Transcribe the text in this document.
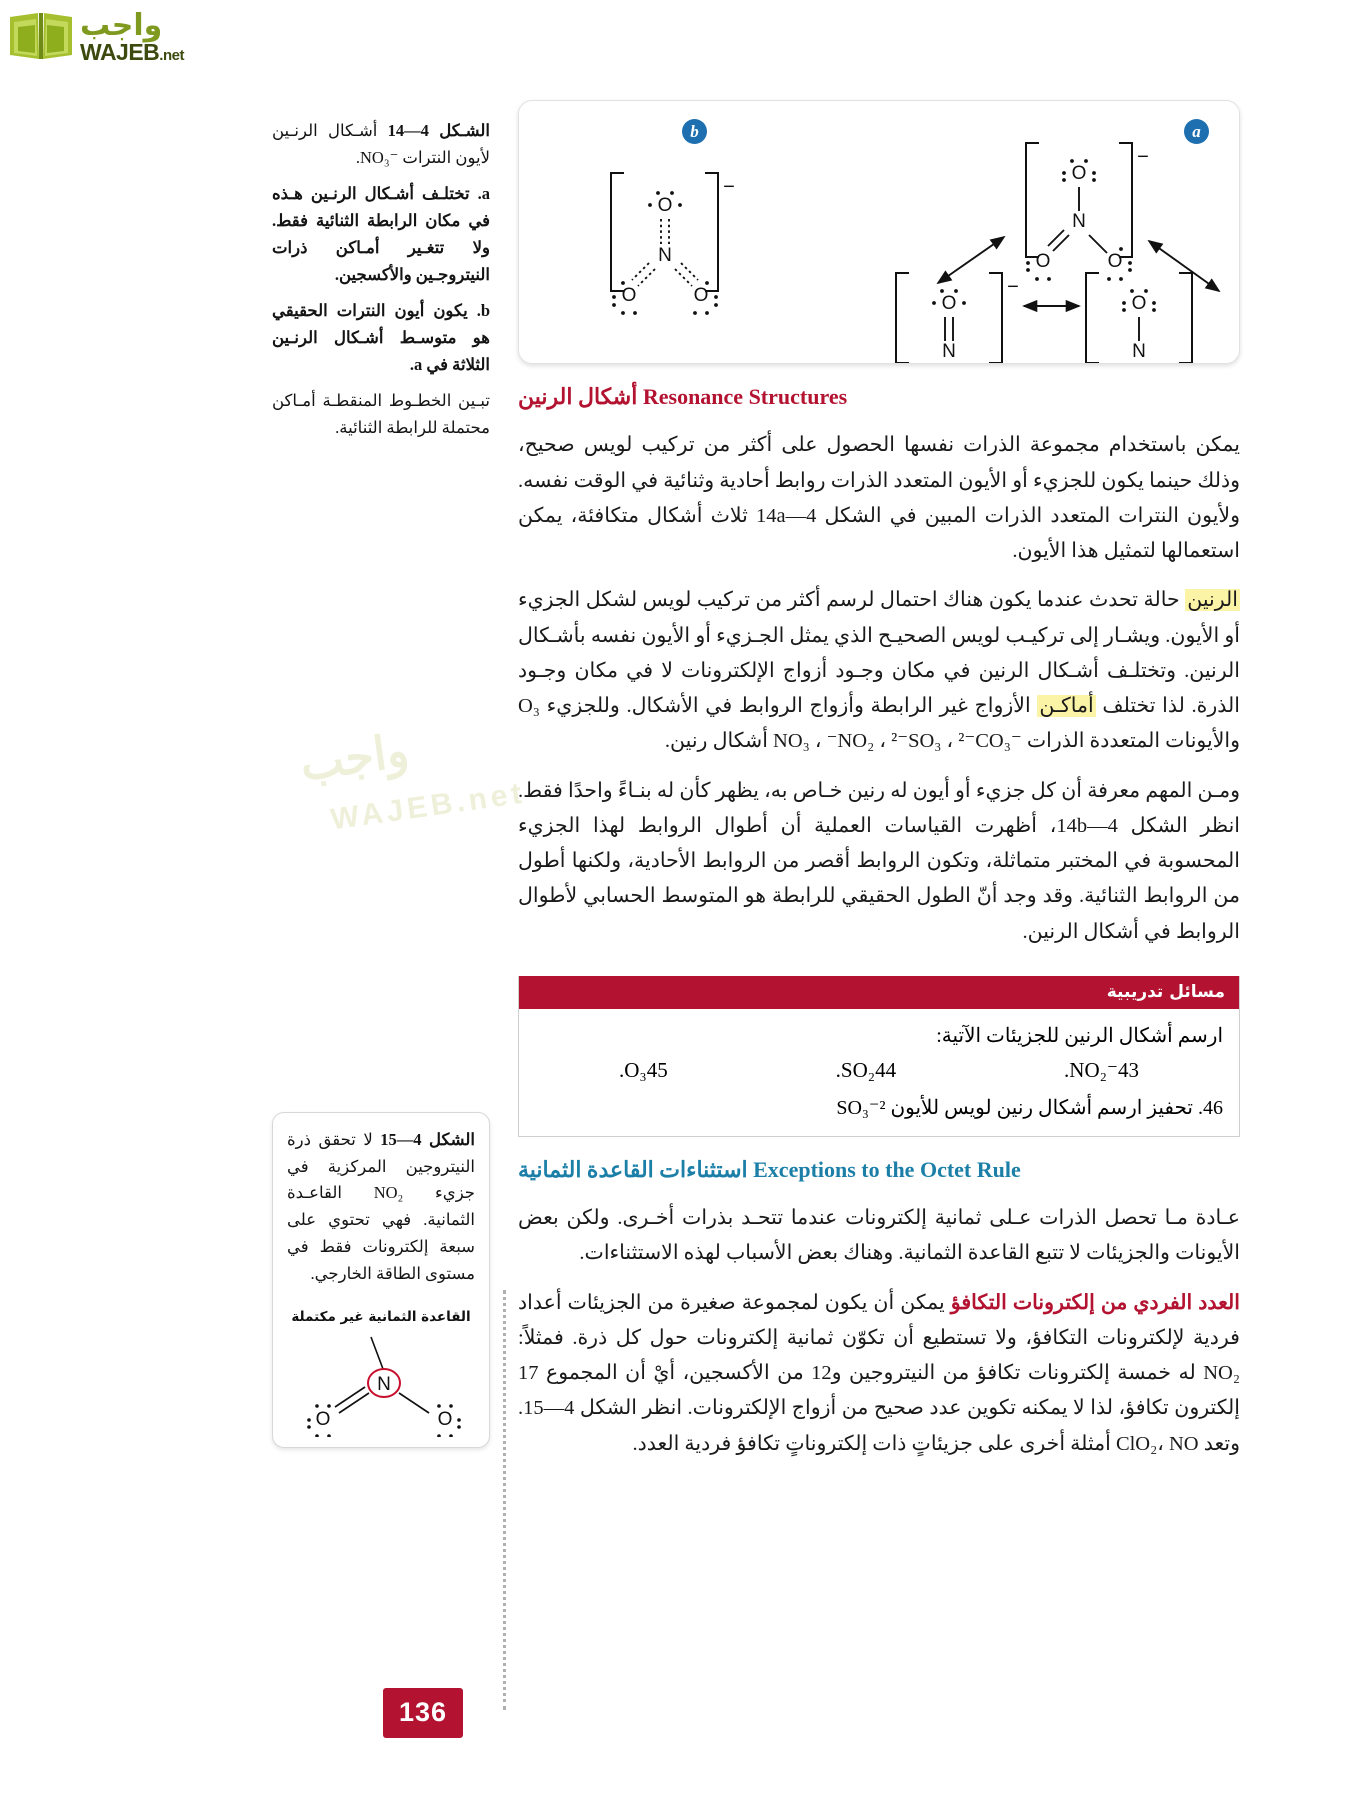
واجب
WAJEB.net
واجب
WAJEB.net
a
b
−
O
N
O	O
−
O
N
O	O
−
O
N
O
N
أشكال الرنين Resonance Structures

يمكن باستخدام مجموعة الذرات نفسها الحصول على أكثر من تركيب لويس صحيح، وذلك حينما يكون للجزيء أو الأيون المتعدد الذرات روابط أحادية وثنائية في الوقت نفسه. ولأيون النترات المتعدد الذرات المبين في الشكل 4—14a ثلاث أشكال متكافئة، يمكن استعمالها لتمثيل هذا الأيون.

الرنين حالة تحدث عندما يكون هناك احتمال لرسم أكثر من تركيب لويس لشكل الجزيء أو الأيون. ويشـار إلى تركيـب لويس الصحيـح الذي يمثل الجـزيء أو الأيون نفسه بأشـكال الرنين. وتختلـف أشـكال الرنين في مكان وجـود أزواج الإلكترونات لا في مكان وجـود الذرة. لذا تختلف أماكـن الأزواج غير الرابطة وأزواج الروابط في الأشكال. وللجزيء O₃ والأيونات المتعددة الذرات ⁻NO₃ ، ⁻NO₂ ، ²⁻SO₃ ، ²⁻CO₃ أشكال رنين.

ومـن المهم معرفة أن كل جزيء أو أيون له رنين خـاص به، يظهر كأن له بنـاءً واحدًا فقط. انظر الشكل 4—14b، أظهرت القياسات العملية أن أطوال الروابط لهذا الجزيء المحسوبة في المختبر متماثلة، وتكون الروابط أقصر من الروابط الأحادية، ولكنها أطول من الروابط الثنائية. وقد وجد أنّ الطول الحقيقي للرابطة هو المتوسط الحسابي لأطوال الروابط في أشكال الرنين.

مسائل تدريبية
ارسم أشكال الرنين للجزيئات الآتية:
NO₂⁻43.
SO₂44.
O₃45.
46. تحفيز ارسم أشكال رنين لويس للأيون ²⁻SO₃
استثناءات القاعدة الثمانية Exceptions to the Octet Rule

عـادة مـا تحصل الذرات عـلى ثمانية إلكترونات عندما تتحـد بذرات أخـرى. ولكن بعض الأيونات والجزيئات لا تتبع القاعدة الثمانية. وهناك بعض الأسباب لهذه الاستثناءات.

العدد الفردي من إلكترونات التكافؤ يمكن أن يكون لمجموعة صغيرة من الجزيئات أعداد فردية لإلكترونات التكافؤ، ولا تستطيع أن تكوّن ثمانية إلكترونات حول كل ذرة. فمثلاً: NO₂ له خمسة إلكترونات تكافؤ من النيتروجين و12 من الأكسجين، أيْ أن المجموع 17 إلكترون تكافؤ، لذا لا يمكنه تكوين عدد صحيح من أزواج الإلكترونات. انظر الشكل 4—15. وتعد ClO₂، NO أمثلة أخرى على جزيئاتٍ ذات إلكتروناتٍ تكافؤ فردية العدد.

الشـكل 4—14 أشـكال الرنـين لأيون النترات ⁻NO₃.

a. تختلـف أشـكال الرنـين هـذه في مكان الرابطة الثنائية فقط. ولا تتغـير أمـاكن ذرات النيتروجـين والأكسجين.

b. يكون أيون النترات الحقيقي هو متوسـط أشـكال الرنـين الثلاثة في a.

تبـين الخطـوط المنقطـة أمـاكن محتملة للرابطة الثنائية.

الشكل 4—15 لا تحقق ذرة النيتروجين المركزية في جزيء NO₂ القاعـدة الثمانية. فهي تحتوي على سبعة إلكترونات فقط في مستوى الطاقة الخارجي.

القاعدة الثمانية غير مكتملة
N
O	O
136
